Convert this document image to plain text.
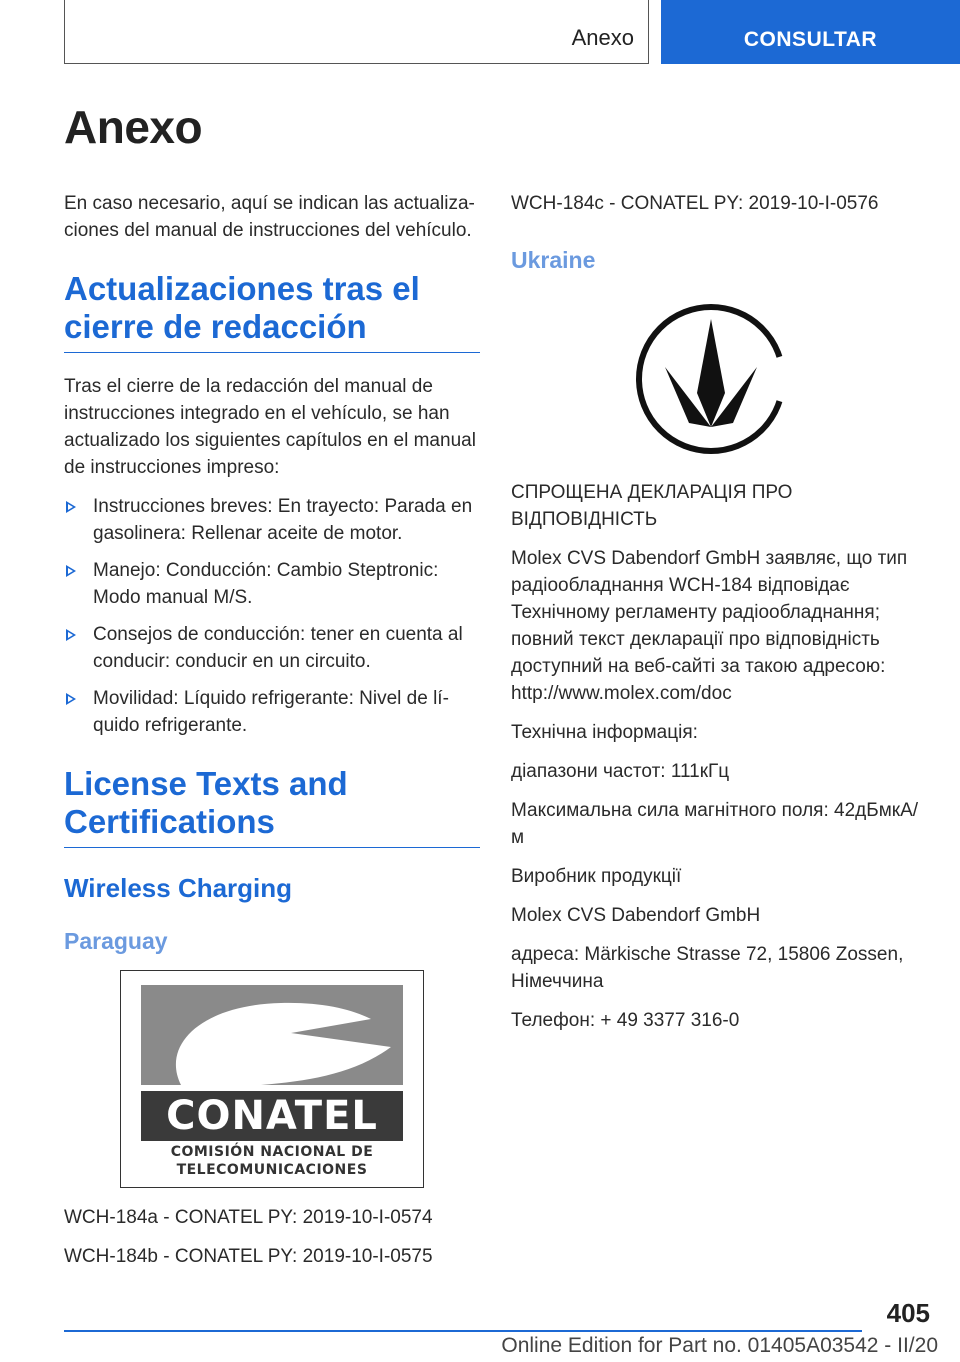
Anexo	CONSULTAR
Anexo

En caso necesario, aquí se indican las actualiza-ciones del manual de instrucciones del vehículo.

Actualizaciones tras el cierre de redacción

Tras el cierre de la redacción del manual de instrucciones integrado en el vehículo, se han actualizado los siguientes capítulos en el manual de instrucciones impreso:

Instrucciones breves: En trayecto: Parada en gasolinera: Rellenar aceite de motor.
Manejo: Conducción: Cambio Steptronic: Modo manual M/S.
Consejos de conducción: tener en cuenta al conducir: conducir en un circuito.
Movilidad: Líquido refrigerante: Nivel de lí-quido refrigerante.
License Texts and Certifications
Wireless Charging
Paraguay
CONATEL
COMISIÓN NACIONAL DE
TELECOMUNICACIONES

WCH-184a - CONATEL PY: 2019-10-I-0574

WCH-184b - CONATEL PY: 2019-10-I-0575

WCH-184c - CONATEL PY: 2019-10-I-0576

Ukraine

СПРОЩЕНА ДЕКЛАРАЦІЯ ПРО ВІДПОВІДНІСТЬ

Molex CVS Dabendorf GmbH заявляє, що тип радіообладнання WCH-184 відповідає Технічному регламенту радіообладнання; повний текст декларації про відповідність доступний на веб-сайті за такою адресою: http://www.molex.com/doc

Технічна інформація:

діапазони частот: 111кГц

Максимальна сила магнітного поля: 42дБмкА/м

Виробник продукції

Molex CVS Dabendorf GmbH

адреса: Märkische Strasse 72, 15806 Zossen, Німеччина

Телефон: + 49 3377 316-0

405
Online Edition for Part no. 01405A03542 - II/20
